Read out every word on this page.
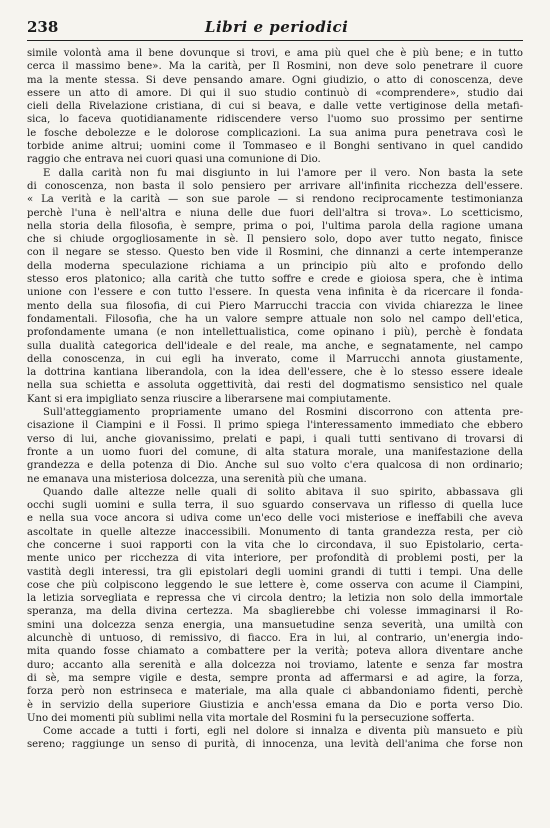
238	Libri e periodici
simile volontà ama il bene dovunque si trovi, e ama più quel che è più bene; e in tutto
cerca il massimo bene». Ma la carità, per Il Rosmini, non deve solo penetrare il cuore
ma la mente stessa. Si deve pensando amare. Ogni giudizio, o atto di conoscenza, deve
essere un atto di amore. Di qui il suo studio continuò di «comprendere», studio dai
cieli della Rivelazione cristiana, di cui si beava, e dalle vette vertiginose della metafi-
sica, lo faceva quotidianamente ridiscendere verso l'uomo suo prossimo per sentirne
le fosche debolezze e le dolorose complicazioni. La sua anima pura penetrava così le
torbide anime altrui; uomini come il Tommaseo e il Bonghi sentivano in quel candido
raggio che entrava nei cuori quasi una comunione di Dio.
E dalla carità non fu mai disgiunto in lui l'amore per il vero. Non basta la sete
di conoscenza, non basta il solo pensiero per arrivare all'infinita ricchezza dell'essere.
« La verità e la carità — son sue parole — si rendono reciprocamente testimonianza
perchè l'una è nell'altra e niuna delle due fuori dell'altra si trova». Lo scetticismo,
nella storia della filosofia, è sempre, prima o poi, l'ultima parola della ragione umana
che si chiude orgogliosamente in sè. Il pensiero solo, dopo aver tutto negato, finisce
con il negare se stesso. Questo ben vide il Rosmini, che dinnanzi a certe intemperanze
della moderna speculazione richiama a un principio più alto e profondo dello
stesso eros platonico; alla carità che tutto soffre e crede e gioiosa spera, che è intima
unione con l'essere e con tutto l'essere. In questa vena infinita è da ricercare il fonda-
mento della sua filosofia, di cui Piero Marrucchi traccia con vivida chiarezza le linee
fondamentali. Filosofia, che ha un valore sempre attuale non solo nel campo dell'etica,
profondamente umana (e non intellettualistica, come opinano i più), perchè è fondata
sulla dualità categorica dell'ideale e del reale, ma anche, e segnatamente, nel campo
della conoscenza, in cui egli ha inverato, come il Marrucchi annota giustamente,
la dottrina kantiana liberandola, con la idea dell'essere, che è lo stesso essere ideale
nella sua schietta e assoluta oggettività, dai resti del dogmatismo sensistico nel quale
Kant si era impigliato senza riuscire a liberarsene mai compiutamente.
Sull'atteggiamento propriamente umano del Rosmini discorrono con attenta pre-
cisazione il Ciampini e il Fossi. Il primo spiega l'interessamento immediato che ebbero
verso di lui, anche giovanissimo, prelati e papi, i quali tutti sentivano di trovarsi di
fronte a un uomo fuori del comune, di alta statura morale, una manifestazione della
grandezza e della potenza di Dio. Anche sul suo volto c'era qualcosa di non ordinario;
ne emanava una misteriosa dolcezza, una serenità più che umana.
Quando dalle altezze nelle quali di solito abitava il suo spirito, abbassava gli
occhi sugli uomini e sulla terra, il suo sguardo conservava un riflesso di quella luce
e nella sua voce ancora si udiva come un'eco delle voci misteriose e ineffabili che aveva
ascoltate in quelle altezze inaccessibili. Monumento di tanta grandezza resta, per ciò
che concerne i suoi rapporti con la vita che lo circondava, il suo Epistolario, certa-
mente unico per ricchezza di vita interiore, per profondità di problemi posti, per la
vastità degli interessi, tra gli epistolari degli uomini grandi di tutti i tempi. Una delle
cose che più colpiscono leggendo le sue lettere è, come osserva con acume il Ciampini,
la letizia sorvegliata e repressa che vi circola dentro; la letizia non solo della immortale
speranza, ma della divina certezza. Ma sbaglierebbe chi volesse immaginarsi il Ro-
smini una dolcezza senza energia, una mansuetudine senza severità, una umiltà con
alcunchè di untuoso, di remissivo, di fiacco. Era in lui, al contrario, un'energia indo-
mita quando fosse chiamato a combattere per la verità; poteva allora diventare anche
duro; accanto alla serenità e alla dolcezza noi troviamo, latente e senza far mostra
di sè, ma sempre vigile e desta, sempre pronta ad affermarsi e ad agire, la forza,
forza però non estrinseca e materiale, ma alla quale ci abbandoniamo fidenti, perchè
è in servizio della superiore Giustizia e anch'essa emana da Dio e porta verso Dio.
Uno dei momenti più sublimi nella vita mortale del Rosmini fu la persecuzione sofferta.
Come accade a tutti i forti, egli nel dolore si innalza e diventa più mansueto e più
sereno; raggiunge un senso di purità, di innocenza, una levità dell'anima che forse non
